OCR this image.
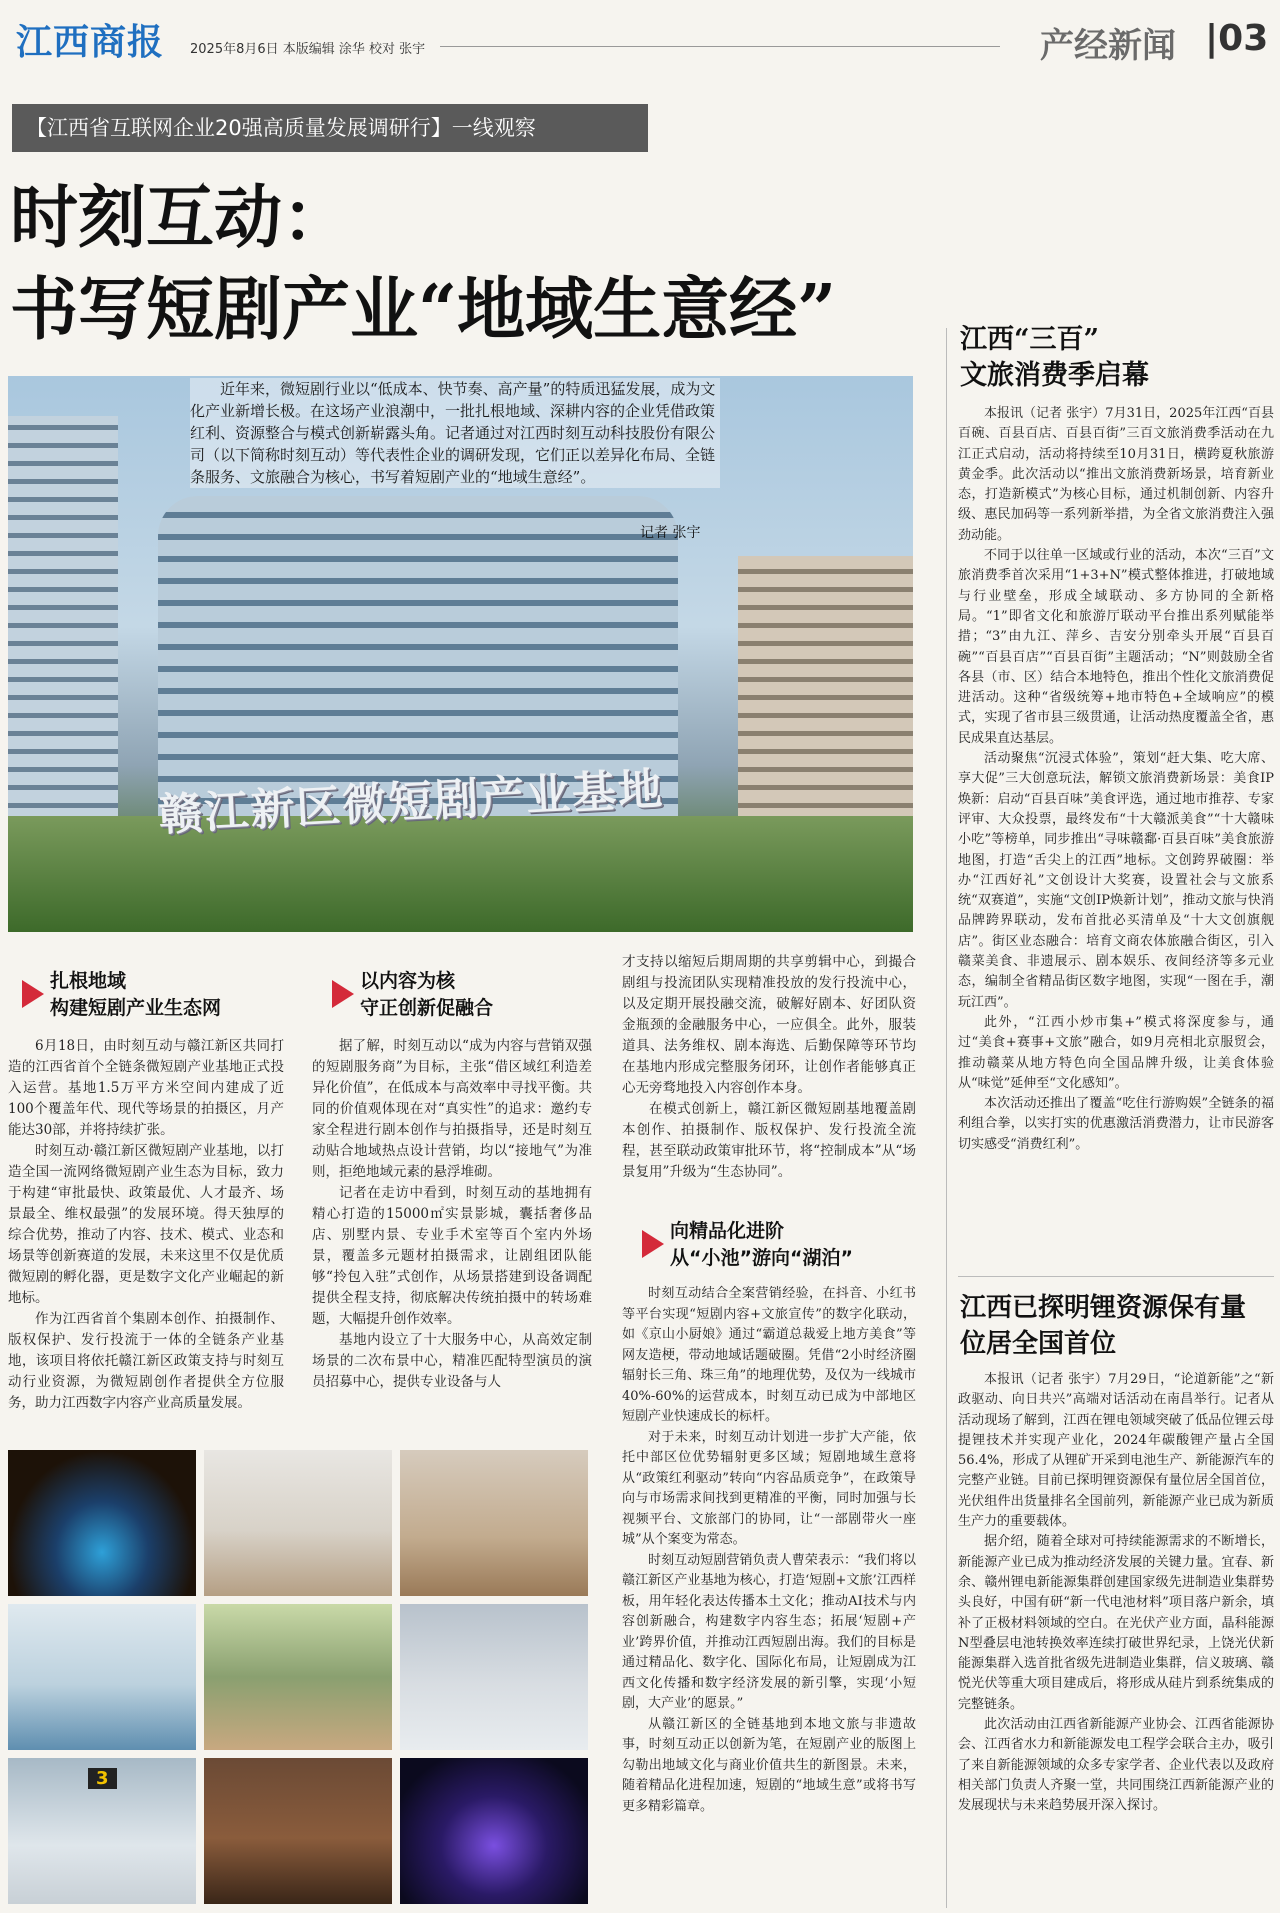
江西商报 2025年8月6日 本版编辑 涂华 校对 张宇	产经新闻 |03
【江西省互联网企业20强高质量发展调研行】一线观察
时刻互动：
书写短剧产业“地域生意经”
赣江新区微短剧产业基地
近年来，微短剧行业以“低成本、快节奏、高产量”的特质迅猛发展，成为文化产业新增长极。在这场产业浪潮中，一批扎根地域、深耕内容的企业凭借政策红利、资源整合与模式创新崭露头角。记者通过对江西时刻互动科技股份有限公司（以下简称时刻互动）等代表性企业的调研发现，它们正以差异化布局、全链条服务、文旅融合为核心，书写着短剧产业的“地域生意经”。
记者 张宇
扎根地域
构建短剧产业生态网

6月18日，由时刻互动与赣江新区共同打造的江西省首个全链条微短剧产业基地正式投入运营。基地1.5万平方米空间内建成了近100个覆盖年代、现代等场景的拍摄区，月产能达30部，并将持续扩张。

时刻互动·赣江新区微短剧产业基地，以打造全国一流网络微短剧产业生态为目标，致力于构建“审批最快、政策最优、人才最齐、场景最全、维权最强”的发展环境。得天独厚的综合优势，推动了内容、技术、模式、业态和场景等创新赛道的发展，未来这里不仅是优质微短剧的孵化器，更是数字文化产业崛起的新地标。

作为江西省首个集剧本创作、拍摄制作、版权保护、发行投流于一体的全链条产业基地，该项目将依托赣江新区政策支持与时刻互动行业资源，为微短剧创作者提供全方位服务，助力江西数字内容产业高质量发展。

以内容为核
守正创新促融合

据了解，时刻互动以“成为内容与营销双强的短剧服务商”为目标，主张“借区域红利造差异化价值”，在低成本与高效率中寻找平衡。共同的价值观体现在对“真实性”的追求：邀约专家全程进行剧本创作与拍摄指导，还是时刻互动贴合地域热点设计营销，均以“接地气”为准则，拒绝地域元素的悬浮堆砌。

记者在走访中看到，时刻互动的基地拥有精心打造的15000㎡实景影城，囊括奢侈品店、别墅内景、专业手术室等百个室内外场景，覆盖多元题材拍摄需求，让剧组团队能够“拎包入驻”式创作，从场景搭建到设备调配提供全程支持，彻底解决传统拍摄中的转场难题，大幅提升创作效率。

基地内设立了十大服务中心，从高效定制场景的二次布景中心，精准匹配特型演员的演员招募中心，提供专业设备与人

才支持以缩短后期周期的共享剪辑中心，到撮合剧组与投流团队实现精准投放的发行投流中心，以及定期开展投融交流，破解好剧本、好团队资金瓶颈的金融服务中心，一应俱全。此外，服装道具、法务维权、剧本海选、后勤保障等环节均在基地内形成完整服务闭环，让创作者能够真正心无旁骛地投入内容创作本身。

在模式创新上，赣江新区微短剧基地覆盖剧本创作、拍摄制作、版权保护、发行投流全流程，甚至联动政策审批环节，将“控制成本”从“场景复用”升级为“生态协同”。

向精品化进阶
从“小池”游向“湖泊”

时刻互动结合全案营销经验，在抖音、小红书等平台实现“短剧内容+文旅宣传”的数字化联动，如《京山小厨娘》通过“霸道总裁爱上地方美食”等网友造梗，带动地域话题破圈。凭借“2小时经济圈辐射长三角、珠三角”的地理优势，及仅为一线城市40%-60%的运营成本，时刻互动已成为中部地区短剧产业快速成长的标杆。

对于未来，时刻互动计划进一步扩大产能，依托中部区位优势辐射更多区域；短剧地域生意将从“政策红利驱动”转向“内容品质竞争”，在政策导向与市场需求间找到更精准的平衡，同时加强与长视频平台、文旅部门的协同，让“一部剧带火一座城”从个案变为常态。

时刻互动短剧营销负责人曹荣表示：“我们将以赣江新区产业基地为核心，打造‘短剧+文旅’江西样板，用年轻化表达传播本土文化；推动AI技术与内容创新融合，构建数字内容生态；拓展‘短剧+产业’跨界价值，并推动江西短剧出海。我们的目标是通过精品化、数字化、国际化布局，让短剧成为江西文化传播和数字经济发展的新引擎，实现‘小短剧，大产业’的愿景。”

从赣江新区的全链基地到本地文旅与非遗故事，时刻互动正以创新为笔，在短剧产业的版图上勾勒出地域文化与商业价值共生的新图景。未来，随着精品化进程加速，短剧的“地域生意”或将书写更多精彩篇章。

3
江西“三百”
文旅消费季启幕

本报讯（记者 张宇）7月31日，2025年江西“百县百碗、百县百店、百县百街”三百文旅消费季活动在九江正式启动，活动将持续至10月31日，横跨夏秋旅游黄金季。此次活动以“推出文旅消费新场景，培育新业态，打造新模式”为核心目标，通过机制创新、内容升级、惠民加码等一系列新举措，为全省文旅消费注入强劲动能。

不同于以往单一区域或行业的活动，本次“三百”文旅消费季首次采用“1+3+N”模式整体推进，打破地域与行业壁垒，形成全域联动、多方协同的全新格局。“1”即省文化和旅游厅联动平台推出系列赋能举措；“3”由九江、萍乡、吉安分别牵头开展“百县百碗”“百县百店”“百县百街”主题活动；“N”则鼓励全省各县（市、区）结合本地特色，推出个性化文旅消费促进活动。这种“省级统筹+地市特色+全域响应”的模式，实现了省市县三级贯通，让活动热度覆盖全省，惠民成果直达基层。

活动聚焦“沉浸式体验”，策划“赶大集、吃大席、享大促”三大创意玩法，解锁文旅消费新场景：美食IP焕新：启动“百县百味”美食评选，通过地市推荐、专家评审、大众投票，最终发布“十大赣派美食”“十大赣味小吃”等榜单，同步推出“寻味赣鄱·百县百味”美食旅游地图，打造“舌尖上的江西”地标。文创跨界破圈：举办“江西好礼”文创设计大奖赛，设置社会与文旅系统“双赛道”，实施“文创IP焕新计划”，推动文旅与快消品牌跨界联动，发布首批必买清单及“十大文创旗舰店”。街区业态融合：培育文商农体旅融合街区，引入赣菜美食、非遗展示、剧本娱乐、夜间经济等多元业态，编制全省精品街区数字地图，实现“一图在手，潮玩江西”。

此外，“江西小炒市集+”模式将深度参与，通过“美食+赛事+文旅”融合，如9月亮相北京服贸会，推动赣菜从地方特色向全国品牌升级，让美食体验从“味觉”延伸至“文化感知”。

本次活动还推出了覆盖“吃住行游购娱”全链条的福利组合拳，以实打实的优惠激活消费潜力，让市民游客切实感受“消费红利”。

江西已探明锂资源保有量
位居全国首位

本报讯（记者 张宇）7月29日，“论道新能”之“新政驱动、向日共兴”高端对话活动在南昌举行。记者从活动现场了解到，江西在锂电领域突破了低品位锂云母提锂技术并实现产业化，2024年碳酸锂产量占全国56.4%，形成了从锂矿开采到电池生产、新能源汽车的完整产业链。目前已探明锂资源保有量位居全国首位，光伏组件出货量排名全国前列，新能源产业已成为新质生产力的重要载体。

据介绍，随着全球对可持续能源需求的不断增长，新能源产业已成为推动经济发展的关键力量。宜春、新余、赣州锂电新能源集群创建国家级先进制造业集群势头良好，中国有研“新一代电池材料”项目落户新余，填补了正极材料领域的空白。在光伏产业方面，晶科能源N型叠层电池转换效率连续打破世界纪录，上饶光伏新能源集群入选首批省级先进制造业集群，信义玻璃、赣悦光伏等重大项目建成后，将形成从硅片到系统集成的完整链条。

此次活动由江西省新能源产业协会、江西省能源协会、江西省水力和新能源发电工程学会联合主办，吸引了来自新能源领域的众多专家学者、企业代表以及政府相关部门负责人齐聚一堂，共同围绕江西新能源产业的发展现状与未来趋势展开深入探讨。
